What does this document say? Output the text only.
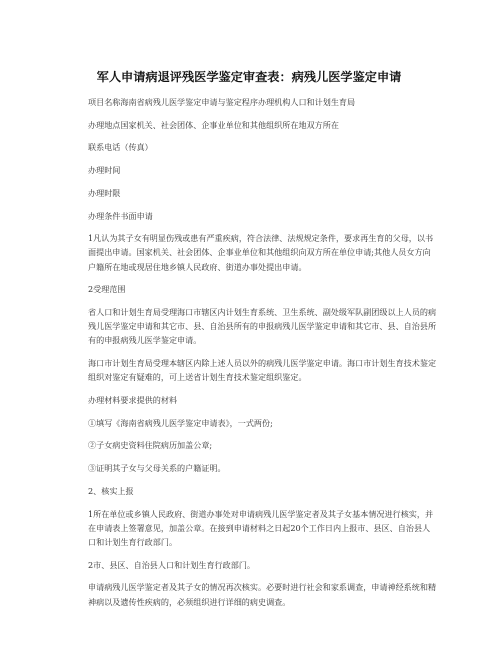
军人申请病退评残医学鉴定审查表：病残儿医学鉴定申请

项目名称海南省病残儿医学鉴定申请与鉴定程序办理机构人口和计划生育局

办理地点国家机关、社会团体、企事业单位和其他组织所在地双方所在

联系电话（传真）

办理时间

办理时限

办理条件书面申请

1凡认为其子女有明显伤残或患有严重疾病，符合法律、法规规定条件，要求再生育的父母，以书面提出申请。国家机关、社会团体、企事业单位和其他组织向双方所在单位申请;其他人员女方向户籍所在地或现居住地乡镇人民政府、街道办事处提出申请。

2受理范围

省人口和计划生育局受理海口市辖区内计划生育系统、卫生系统、副处级军队副团级以上人员的病残儿医学鉴定申请和其它市、县、自治县所有的申报病残儿医学鉴定申请和其它市、县、自治县所有的申报病残儿医学鉴定申请。

海口市计划生育局受理本辖区内除上述人员以外的病残儿医学鉴定申请。海口市计划生育技术鉴定组织对鉴定有疑难的，可上送省计划生育技术鉴定组织鉴定。

办理材料要求提供的材料

①填写《海南省病残儿医学鉴定申请表》，一式两份;

②子女病史资料住院病历加盖公章;

③证明其子女与父母关系的户籍证明。

2、核实上报

1所在单位或乡镇人民政府、街道办事处对申请病残儿医学鉴定者及其子女基本情况进行核实，并在申请表上签署意见，加盖公章。在接到申请材料之日起20个工作日内上报市、县区、自治县人口和计划生育行政部门。

2市、县区、自治县人口和计划生育行政部门。

申请病残儿医学鉴定者及其子女的情况再次核实。必要时进行社会和家系调查，申请神经系统和精神病以及遗传性疾病的，必须组织进行详细的病史调查。
